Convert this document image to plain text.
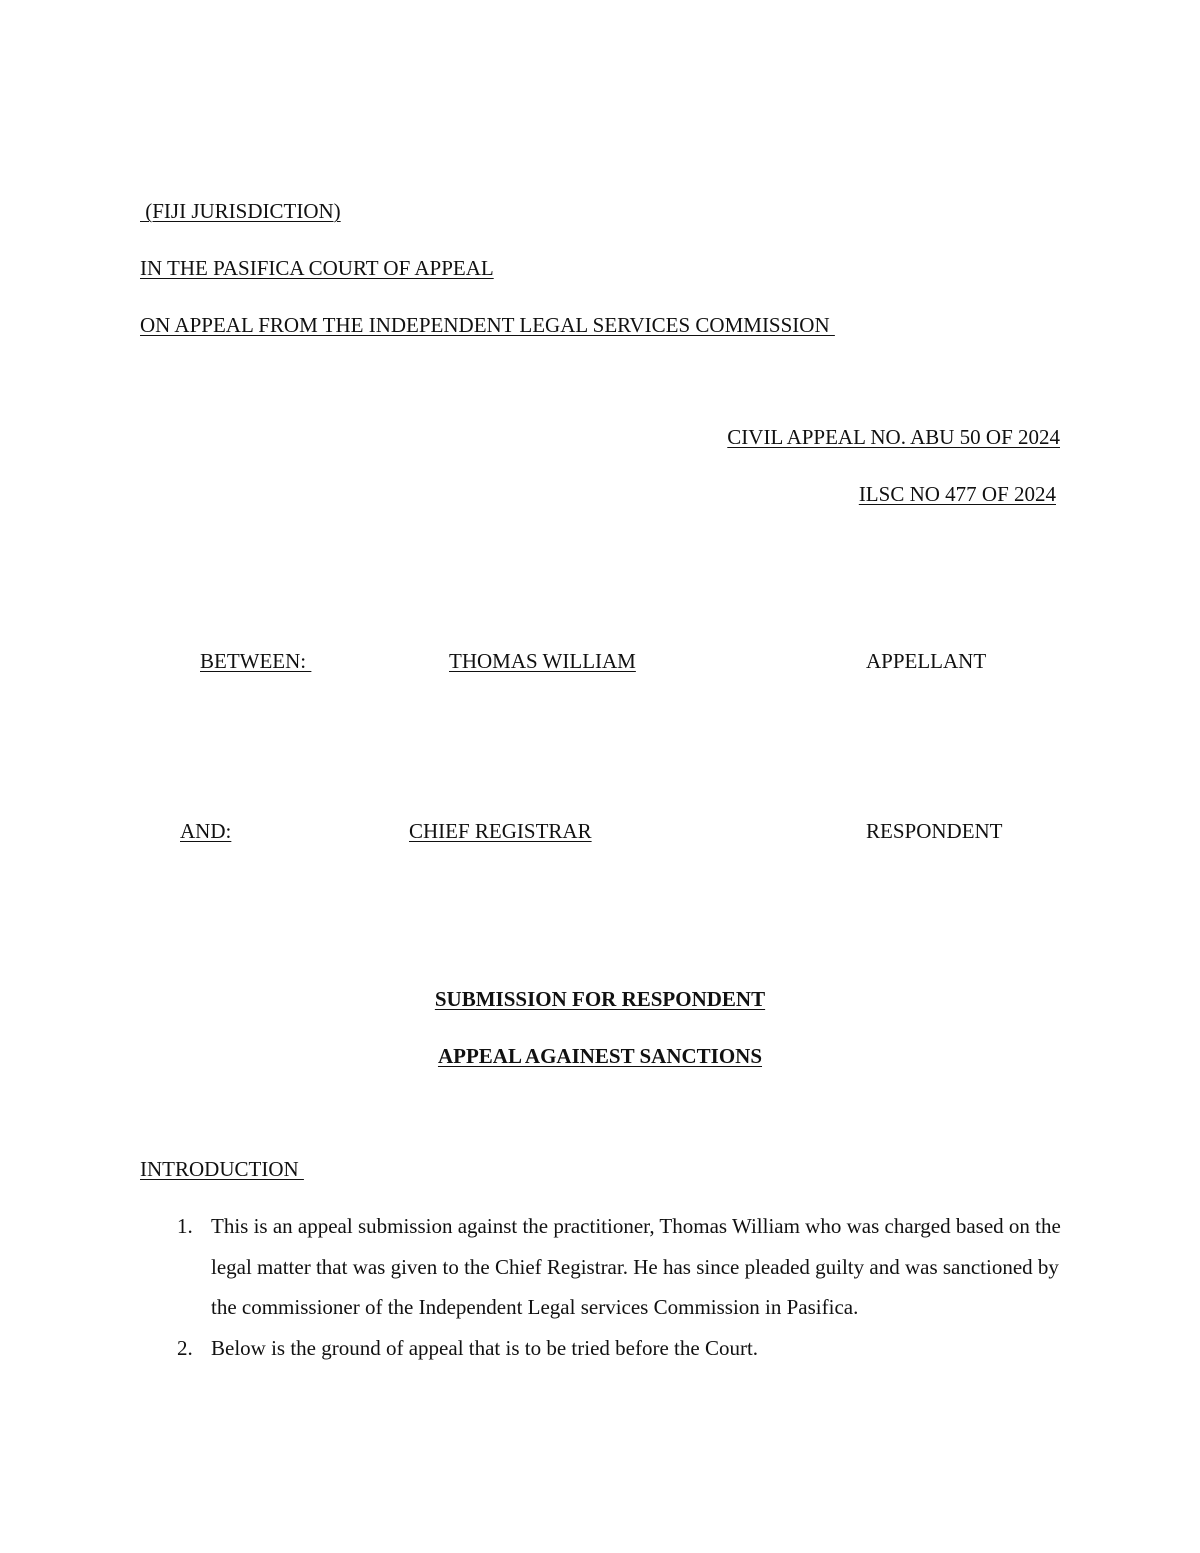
(FIJI JURISDICTION)
IN THE PASIFICA COURT OF APPEAL
ON APPEAL FROM THE INDEPENDENT LEGAL SERVICES COMMISSION
CIVIL APPEAL NO. ABU 50 OF 2024
ILSC NO 477 OF 2024
BETWEEN:	THOMAS WILLIAM	APPELLANT
AND:	CHIEF REGISTRAR	RESPONDENT
SUBMISSION FOR RESPONDENT
APPEAL AGAINEST SANCTIONS
INTRODUCTION
1. This is an appeal submission against the practitioner, Thomas William who was charged based on the legal matter that was given to the Chief Registrar. He has since pleaded guilty and was sanctioned by the commissioner of the Independent Legal services Commission in Pasifica.
2. Below is the ground of appeal that is to be tried before the Court.
